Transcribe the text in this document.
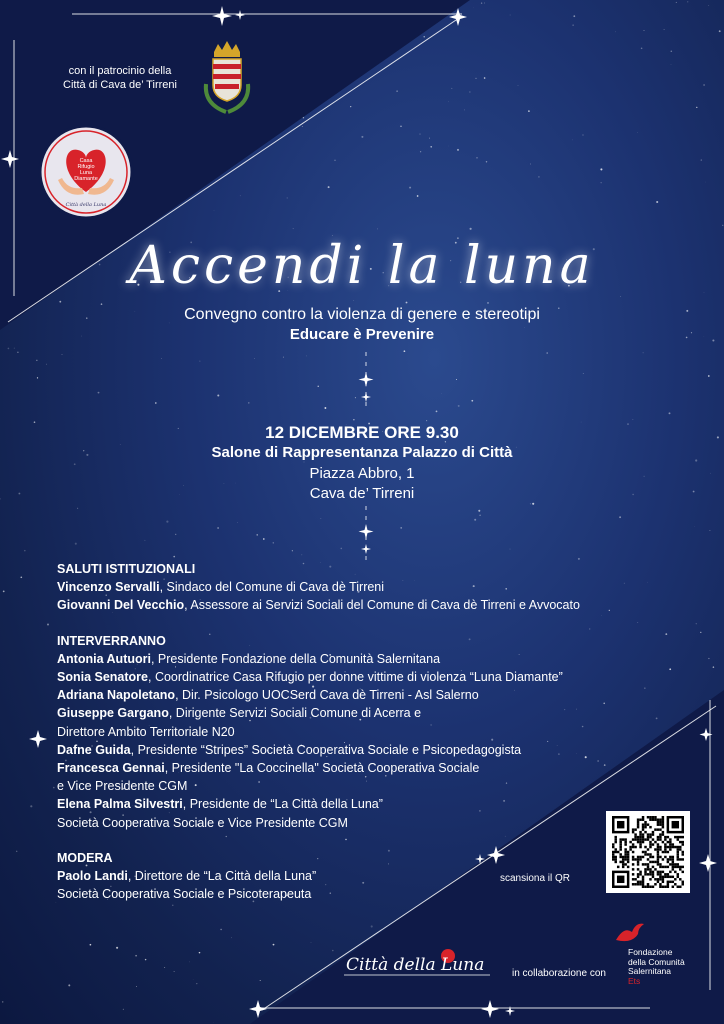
con il patrocinio della
Città di Cava de’ Tirreni
Casa
Rifugio
Luna
Diamante
Città della Luna
Accendi la luna
Convegno contro la violenza di genere e stereotipi
Educare è Prevenire
12 DICEMBRE ORE 9.30
Salone di Rappresentanza Palazzo di Città
Piazza Abbro, 1
Cava de’ Tirreni
SALUTI ISTITUZIONALI
Vincenzo Servalli, Sindaco del Comune di Cava dè Tirreni
Giovanni Del Vecchio, Assessore ai Servizi Sociali del Comune di Cava dè Tirreni e Avvocato
INTERVERRANNO
Antonia Autuori, Presidente Fondazione della Comunità Salernitana
Sonia Senatore, Coordinatrice Casa Rifugio per donne vittime di violenza “Luna Diamante”
Adriana Napoletano, Dir. Psicologo UOCSerd Cava dè Tirreni - Asl Salerno
Giuseppe Gargano, Dirigente Servizi Sociali Comune di Acerra e
Direttore Ambito Territoriale N20
Dafne Guida, Presidente “Stripes” Società Cooperativa Sociale e Psicopedagogista
Francesca Gennai, Presidente "La Coccinella" Società Cooperativa Sociale
e Vice Presidente CGM
Elena Palma Silvestri, Presidente de “La Città della Luna”
Società Cooperativa Sociale e Vice Presidente CGM
MODERA
Paolo Landi, Direttore de “La Città della Luna”
Società Cooperativa Sociale e Psicoterapeuta
scansiona il QR
Città della Luna	in collaborazione con
Fondazione
della Comunità
Salernitana
Ets
